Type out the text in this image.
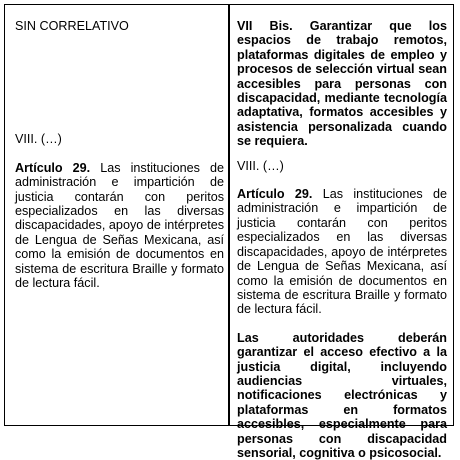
SIN CORRELATIVO
VIII. (…)
Artículo 29. Las instituciones de administración e impartición de justicia contarán con peritos especializados en las diversas discapacidades, apoyo de intérpretes de Lengua de Señas Mexicana, así como la emisión de documentos en sistema de escritura Braille y formato de lectura fácil.
VII Bis. Garantizar que los espacios de trabajo remotos, plataformas digitales de empleo y procesos de selección virtual sean accesibles para personas con discapacidad, mediante tecnología adaptativa, formatos accesibles y asistencia personalizada cuando se requiera.
VIII. (…)
Artículo 29. Las instituciones de administración e impartición de justicia contarán con peritos especializados en las diversas discapacidades, apoyo de intérpretes de Lengua de Señas Mexicana, así como la emisión de documentos en sistema de escritura Braille y formato de lectura fácil.
Las autoridades deberán garantizar el acceso efectivo a la justicia digital, incluyendo audiencias virtuales, notificaciones electrónicas y plataformas en formatos accesibles, especialmente para personas con discapacidad sensorial, cognitiva o psicosocial.
